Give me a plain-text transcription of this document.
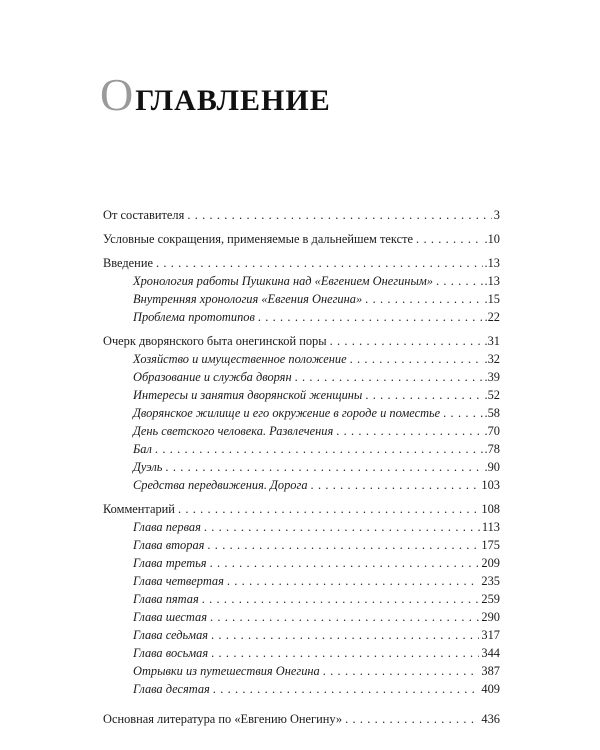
ОГЛАВЛЕНИЕ
От составителя . . .	3
Условные сокращения, применяемые в дальнейшем тексте . . .	.10
Введение . . .	.13
Хронология работы Пушкина над «Евгением Онегиным» . . .	.13
Внутренняя хронология «Евгения Онегина» . . .	.15
Проблема прототипов . . .	.22
Очерк дворянского быта онегинской поры . . .	.31
Хозяйство и имущественное положение . . .	.32
Образование и служба дворян . . .	.39
Интересы и занятия дворянской женщины . . .	.52
Дворянское жилище и его окружение в городе и поместье . . .	.58
День светского человека. Развлечения . . .	.70
Бал . . .	.78
Дуэль . . .	.90
Средства передвижения. Дорога . . .	103
Комментарий . . .	108
Глава первая . . .	113
Глава вторая . . .	175
Глава третья . . .	209
Глава четвертая . . .	235
Глава пятая . . .	259
Глава шестая . . .	290
Глава седьмая . . .	317
Глава восьмая . . .	344
Отрывки из путешествия Онегина . . .	387
Глава десятая . . .	409
Основная литература по «Евгению Онегину» . . .	436
